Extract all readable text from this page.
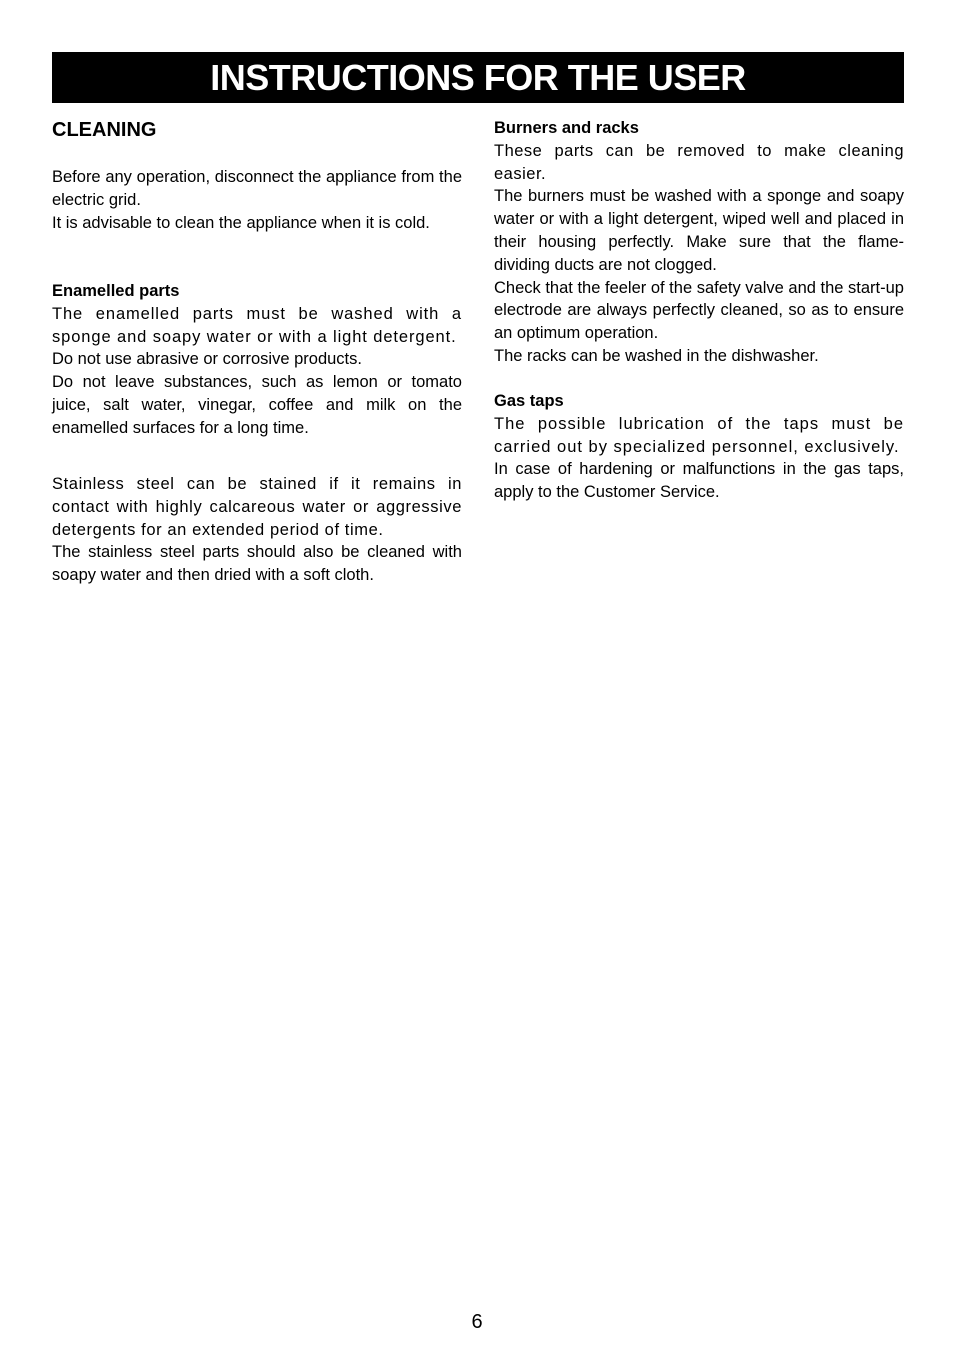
INSTRUCTIONS FOR THE USER
CLEANING

Before any operation, disconnect the appliance from the electric grid.

It is advisable to clean the appliance when it is cold.

Enamelled parts

The enamelled parts must be washed with a sponge and soapy water or with a light detergent.

Do not use abrasive or corrosive products.

Do not leave substances, such as lemon or tomato juice, salt water, vinegar, coffee and milk on the enamelled surfaces for a long time.

Stainless steel can be stained if it remains in contact with highly calcareous water or aggressive detergents for an extended period of time.

The stainless steel parts should also be cleaned with soapy water and then dried with a soft cloth.

Burners and racks

These parts can be removed to make cleaning easier.

The burners must be washed with a sponge and soapy water or with a light detergent, wiped well and placed in their housing perfectly. Make sure that the flame-dividing ducts are not clogged.

Check that the feeler of the safety valve and the start-up electrode are always perfectly cleaned, so as to ensure an optimum operation.

The racks can be washed in the dishwasher.

Gas taps

The possible lubrication of the taps must be carried out by specialized personnel, exclusively.

In case of hardening or malfunctions in the gas taps, apply to the Customer Service.

6
